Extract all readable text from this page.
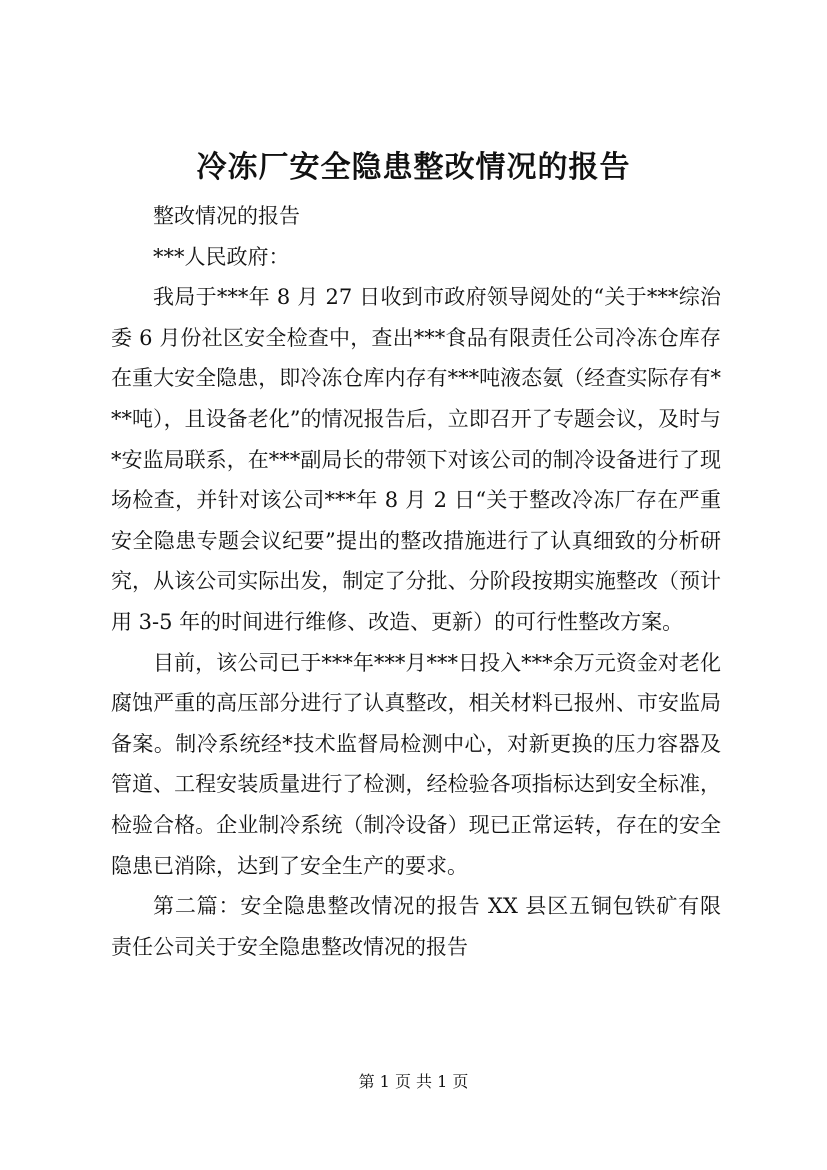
冷冻厂安全隐患整改情况的报告

整改情况的报告

***人民政府：

我局于***年 8 月 27 日收到市政府领导阅处的“关于***综治委 6 月份社区安全检查中，查出***食品有限责任公司冷冻仓库存在重大安全隐患，即冷冻仓库内存有***吨液态氨（经查实际存有***吨），且设备老化”的情况报告后，立即召开了专题会议，及时与*安监局联系，在***副局长的带领下对该公司的制冷设备进行了现场检查，并针对该公司***年 8 月 2 日“关于整改冷冻厂存在严重安全隐患专题会议纪要”提出的整改措施进行了认真细致的分析研究，从该公司实际出发，制定了分批、分阶段按期实施整改（预计用 3-5 年的时间进行维修、改造、更新）的可行性整改方案。

目前，该公司已于***年***月***日投入***余万元资金对老化腐蚀严重的高压部分进行了认真整改，相关材料已报州、市安监局备案。制冷系统经*技术监督局检测中心，对新更换的压力容器及管道、工程安装质量进行了检测，经检验各项指标达到安全标准，检验合格。企业制冷系统（制冷设备）现已正常运转，存在的安全隐患已消除，达到了安全生产的要求。

第二篇：安全隐患整改情况的报告 XX 县区五铜包铁矿有限责任公司关于安全隐患整改情况的报告

第 1 页 共 1 页
